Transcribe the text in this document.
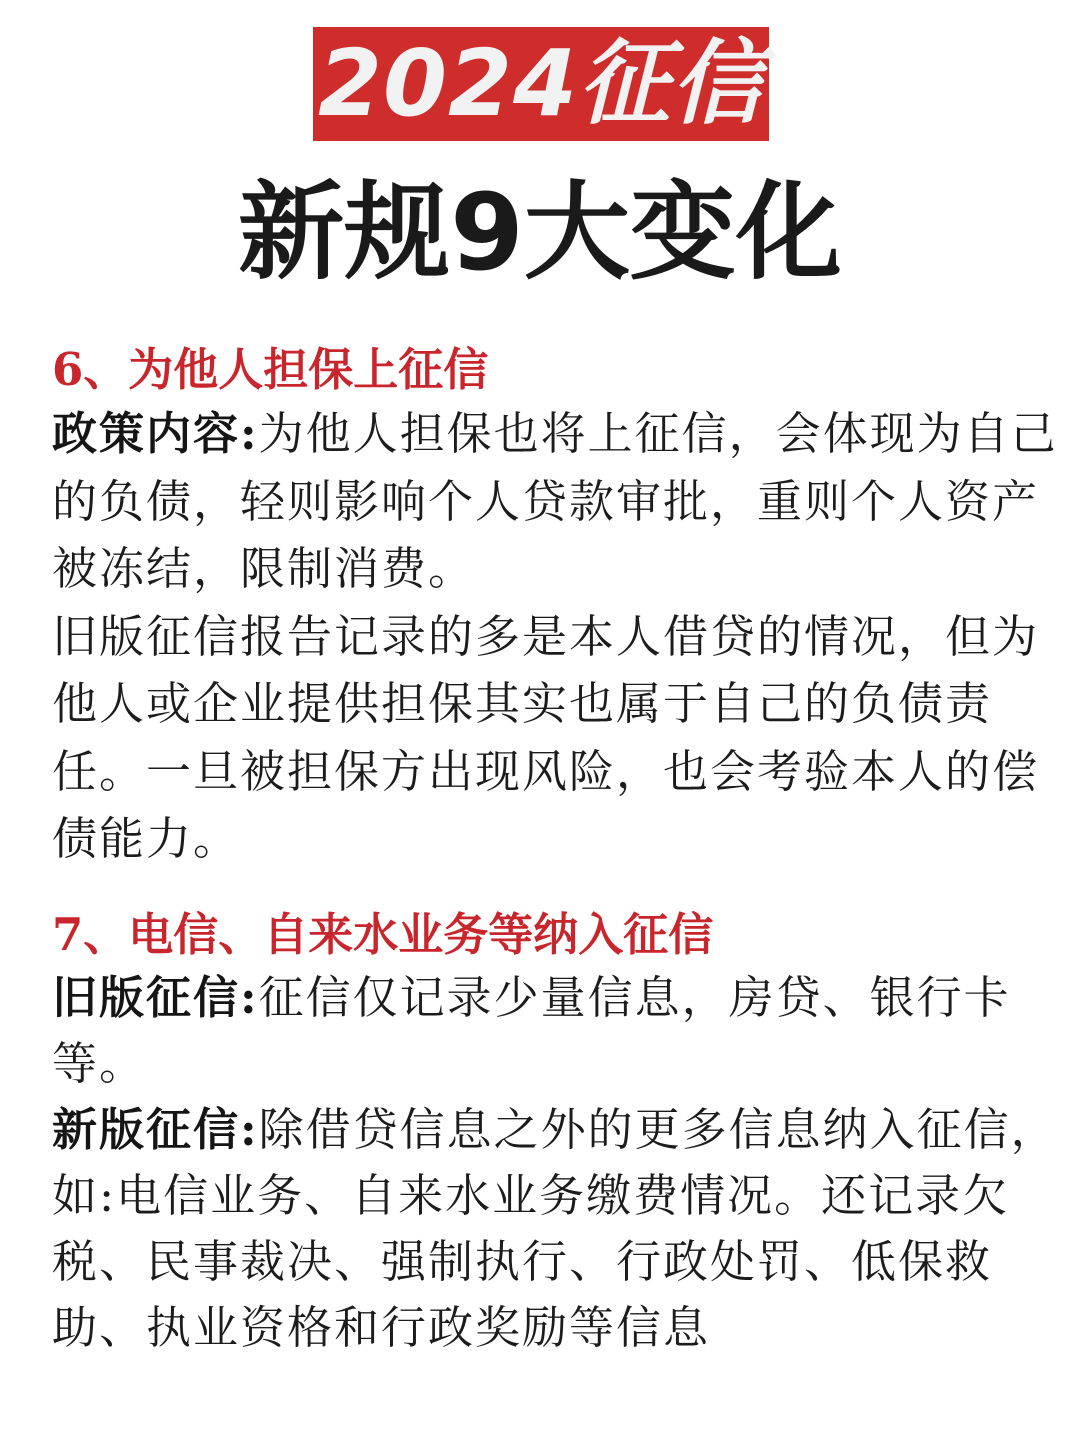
2024征信
新规9大变化
6、为他人担保上征信

政策内容:为他人担保也将上征信，会体现为自己的负债，轻则影响个人贷款审批，重则个人资产被冻结，限制消费。

旧版征信报告记录的多是本人借贷的情况，但为他人或企业提供担保其实也属于自己的负债责任。一旦被担保方出现风险，也会考验本人的偿债能力。

7、电信、自来水业务等纳入征信

旧版征信:征信仅记录少量信息，房贷、银行卡等。

新版征信:除借贷信息之外的更多信息纳入征信，如:电信业务、自来水业务缴费情况。还记录欠税、民事裁决、强制执行、行政处罚、低保救助、执业资格和行政奖励等信息
